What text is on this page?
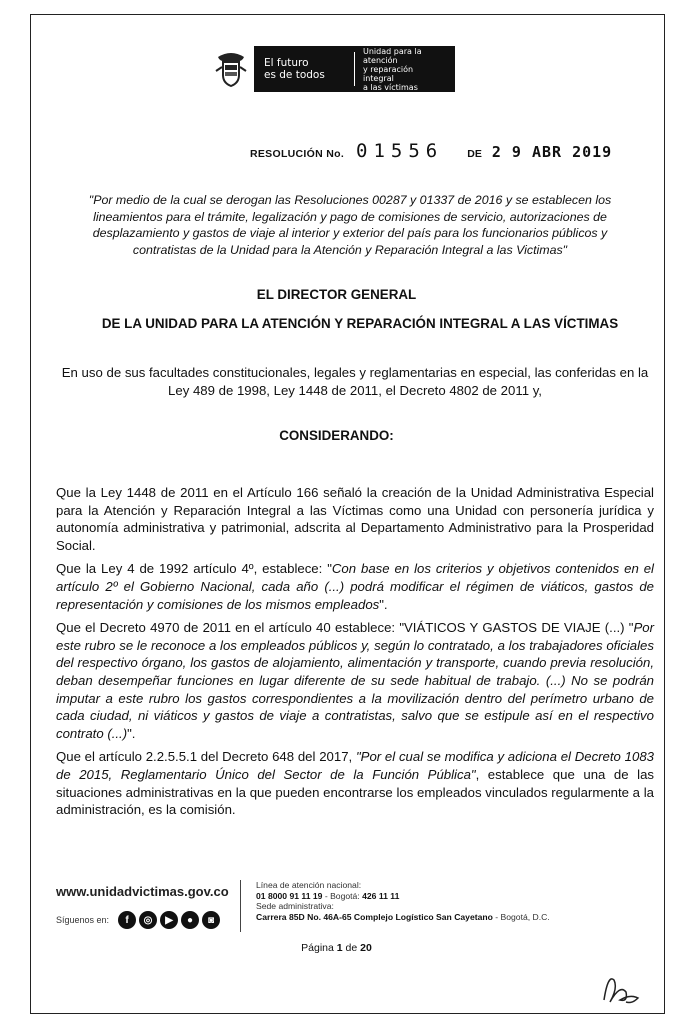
El futuro
es de todos
Unidad para la atención
y reparación integral
a las víctimas
RESOLUCIÓN No. 01556 DE 2 9 ABR 2019
"Por medio de la cual se derogan las Resoluciones 00287 y 01337 de 2016 y se establecen los lineamientos para el trámite, legalización y pago de comisiones de servicio, autorizaciones de desplazamiento y gastos de viaje al interior y exterior del país para los funcionarios públicos y contratistas de la Unidad para la Atención y Reparación Integral a las Victimas"
EL DIRECTOR GENERAL
DE LA UNIDAD PARA LA ATENCIÓN Y REPARACIÓN INTEGRAL A LAS VÍCTIMAS
En uso de sus facultades constitucionales, legales y reglamentarias en especial, las conferidas en la Ley 489 de 1998, Ley 1448 de 2011, el Decreto 4802 de 2011 y,
CONSIDERANDO:

Que la Ley 1448 de 2011 en el Artículo 166 señaló la creación de la Unidad Administrativa Especial para la Atención y Reparación Integral a las Víctimas como una Unidad con personería jurídica y autonomía administrativa y patrimonial, adscrita al Departamento Administrativo para la Prosperidad Social.

Que la Ley 4 de 1992 artículo 4º, establece: "Con base en los criterios y objetivos contenidos en el artículo 2º el Gobierno Nacional, cada año (...) podrá modificar el régimen de viáticos, gastos de representación y comisiones de los mismos empleados".

Que el Decreto 4970 de 2011 en el artículo 40 establece: "VIÁTICOS Y GASTOS DE VIAJE (...) "Por este rubro se le reconoce a los empleados públicos y, según lo contratado, a los trabajadores oficiales del respectivo órgano, los gastos de alojamiento, alimentación y transporte, cuando previa resolución, deban desempeñar funciones en lugar diferente de su sede habitual de trabajo. (...) No se podrán imputar a este rubro los gastos correspondientes a la movilización dentro del perímetro urbano de cada ciudad, ni viáticos y gastos de viaje a contratistas, salvo que se estipule así en el respectivo contrato (...)".

Que el artículo 2.2.5.5.1 del Decreto 648 del 2017, "Por el cual se modifica y adiciona el Decreto 1083 de 2015, Reglamentario Único del Sector de la Función Pública", establece que una de las situaciones administrativas en la que pueden encontrarse los empleados vinculados regularmente a la administración, es la comisión.

www.unidadvictimas.gov.co
Síguenos en:	f	◎	▶	●	◙
Línea de atención nacional:
01 8000 91 11 19 - Bogotá: 426 11 11
Sede administrativa:
Carrera 85D No. 46A-65 Complejo Logístico San Cayetano - Bogotá, D.C.
Página 1 de 20
